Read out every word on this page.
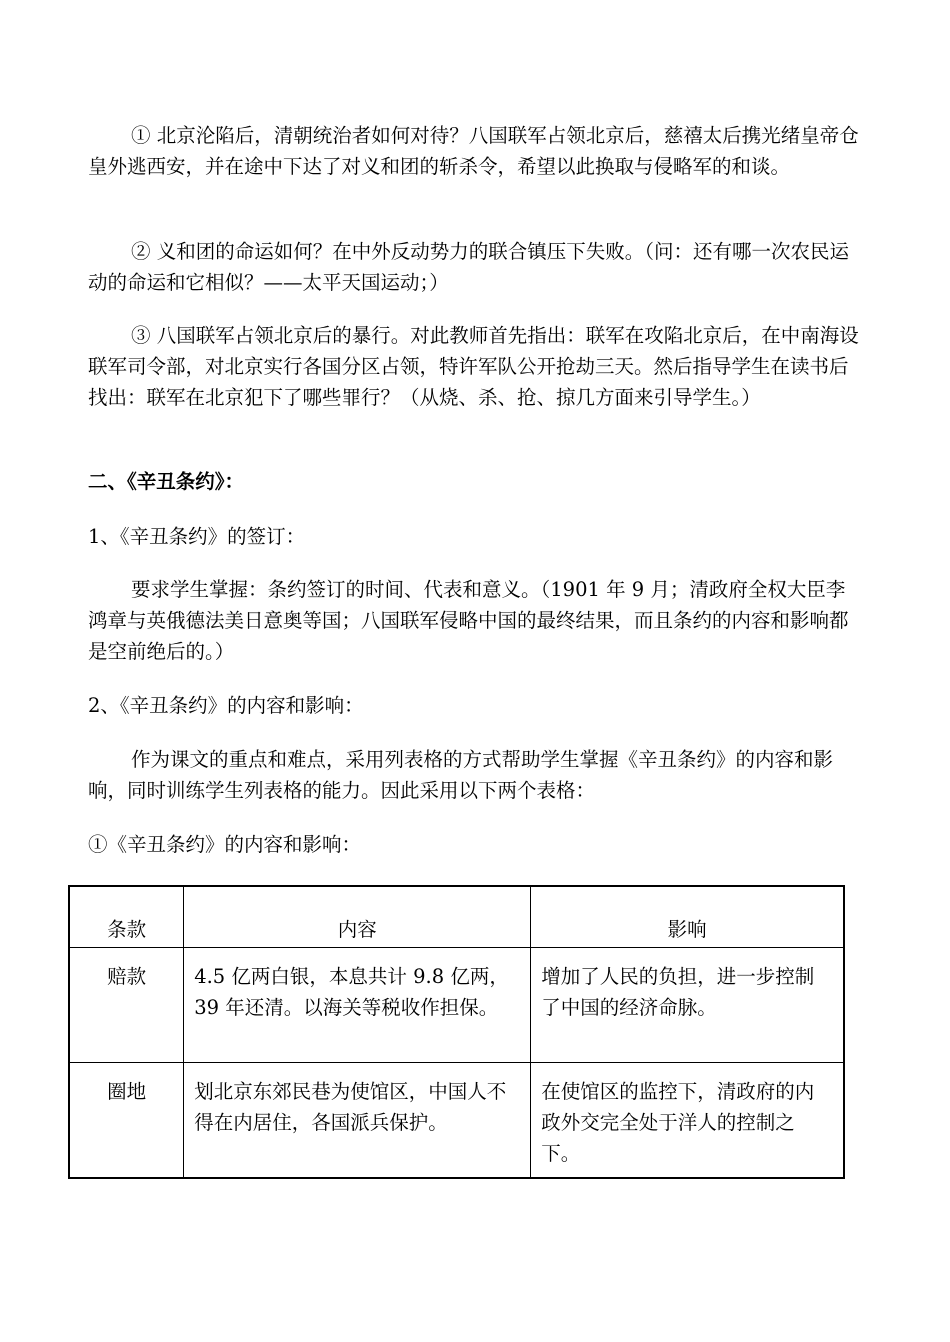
① 北京沦陷后，清朝统治者如何对待？八国联军占领北京后，慈禧太后携光绪皇帝仓皇外逃西安，并在途中下达了对义和团的斩杀令，希望以此换取与侵略军的和谈。

② 义和团的命运如何？在中外反动势力的联合镇压下失败。（问：还有哪一次农民运动的命运和它相似？——太平天国运动；）

③ 八国联军占领北京后的暴行。对此教师首先指出：联军在攻陷北京后，在中南海设联军司令部，对北京实行各国分区占领，特许军队公开抢劫三天。然后指导学生在读书后找出：联军在北京犯下了哪些罪行？（从烧、杀、抢、掠几方面来引导学生。）

二、《辛丑条约》：

1、《辛丑条约》的签订：

要求学生掌握：条约签订的时间、代表和意义。（1901 年 9 月；清政府全权大臣李鸿章与英俄德法美日意奥等国；八国联军侵略中国的最终结果，而且条约的内容和影响都是空前绝后的。）

2、《辛丑条约》的内容和影响：

作为课文的重点和难点，采用列表格的方式帮助学生掌握《辛丑条约》的内容和影响，同时训练学生列表格的能力。因此采用以下两个表格：

①《辛丑条约》的内容和影响：

条款	内容	影响
赔款	4.5 亿两白银，本息共计 9.8 亿两，39 年还清。以海关等税收作担保。	增加了人民的负担，进一步控制了中国的经济命脉。
圈地	划北京东郊民巷为使馆区，中国人不得在内居住，各国派兵保护。	在使馆区的监控下，清政府的内政外交完全处于洋人的控制之下。
